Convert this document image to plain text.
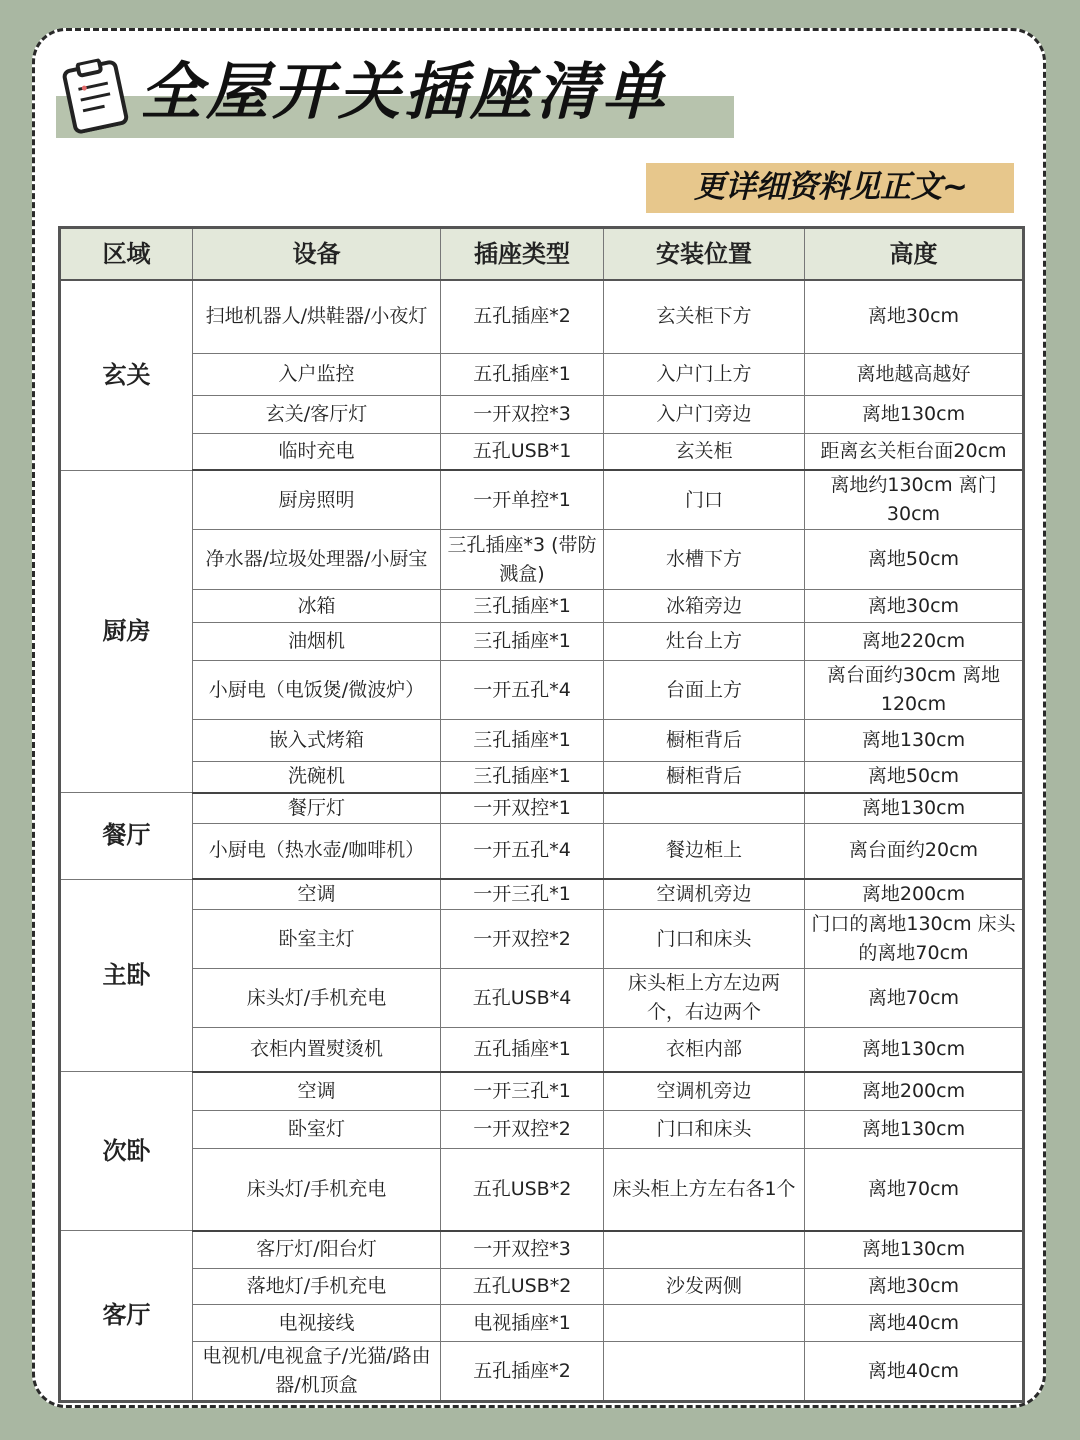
全屋开关插座清单
更详细资料见正文~
区域	设备	插座类型	安装位置	高度
玄关	扫地机器人/烘鞋器/小夜灯	五孔插座*2	玄关柜下方	离地30cm
	入户监控	五孔插座*1	入户门上方	离地越高越好
	玄关/客厅灯	一开双控*3	入户门旁边	离地130cm
	临时充电	五孔USB*1	玄关柜	距离玄关柜台面20cm
厨房	厨房照明	一开单控*1	门口	离地约130cm 离门30cm
	净水器/垃圾处理器/小厨宝	三孔插座*3 (带防溅盒)	水槽下方	离地50cm
	冰箱	三孔插座*1	冰箱旁边	离地30cm
	油烟机	三孔插座*1	灶台上方	离地220cm
	小厨电（电饭煲/微波炉）	一开五孔*4	台面上方	离台面约30cm 离地120cm
	嵌入式烤箱	三孔插座*1	橱柜背后	离地130cm
	洗碗机	三孔插座*1	橱柜背后	离地50cm
餐厅	餐厅灯	一开双控*1		离地130cm
	小厨电（热水壶/咖啡机）	一开五孔*4	餐边柜上	离台面约20cm
主卧	空调	一开三孔*1	空调机旁边	离地200cm
	卧室主灯	一开双控*2	门口和床头	门口的离地130cm 床头的离地70cm
	床头灯/手机充电	五孔USB*4	床头柜上方左边两个，右边两个	离地70cm
	衣柜内置熨烫机	五孔插座*1	衣柜内部	离地130cm
次卧	空调	一开三孔*1	空调机旁边	离地200cm
	卧室灯	一开双控*2	门口和床头	离地130cm
	床头灯/手机充电	五孔USB*2	床头柜上方左右各1个	离地70cm
客厅	客厅灯/阳台灯	一开双控*3		离地130cm
	落地灯/手机充电	五孔USB*2	沙发两侧	离地30cm
	电视接线	电视插座*1		离地40cm
	电视机/电视盒子/光猫/路由器/机顶盒	五孔插座*2		离地40cm
